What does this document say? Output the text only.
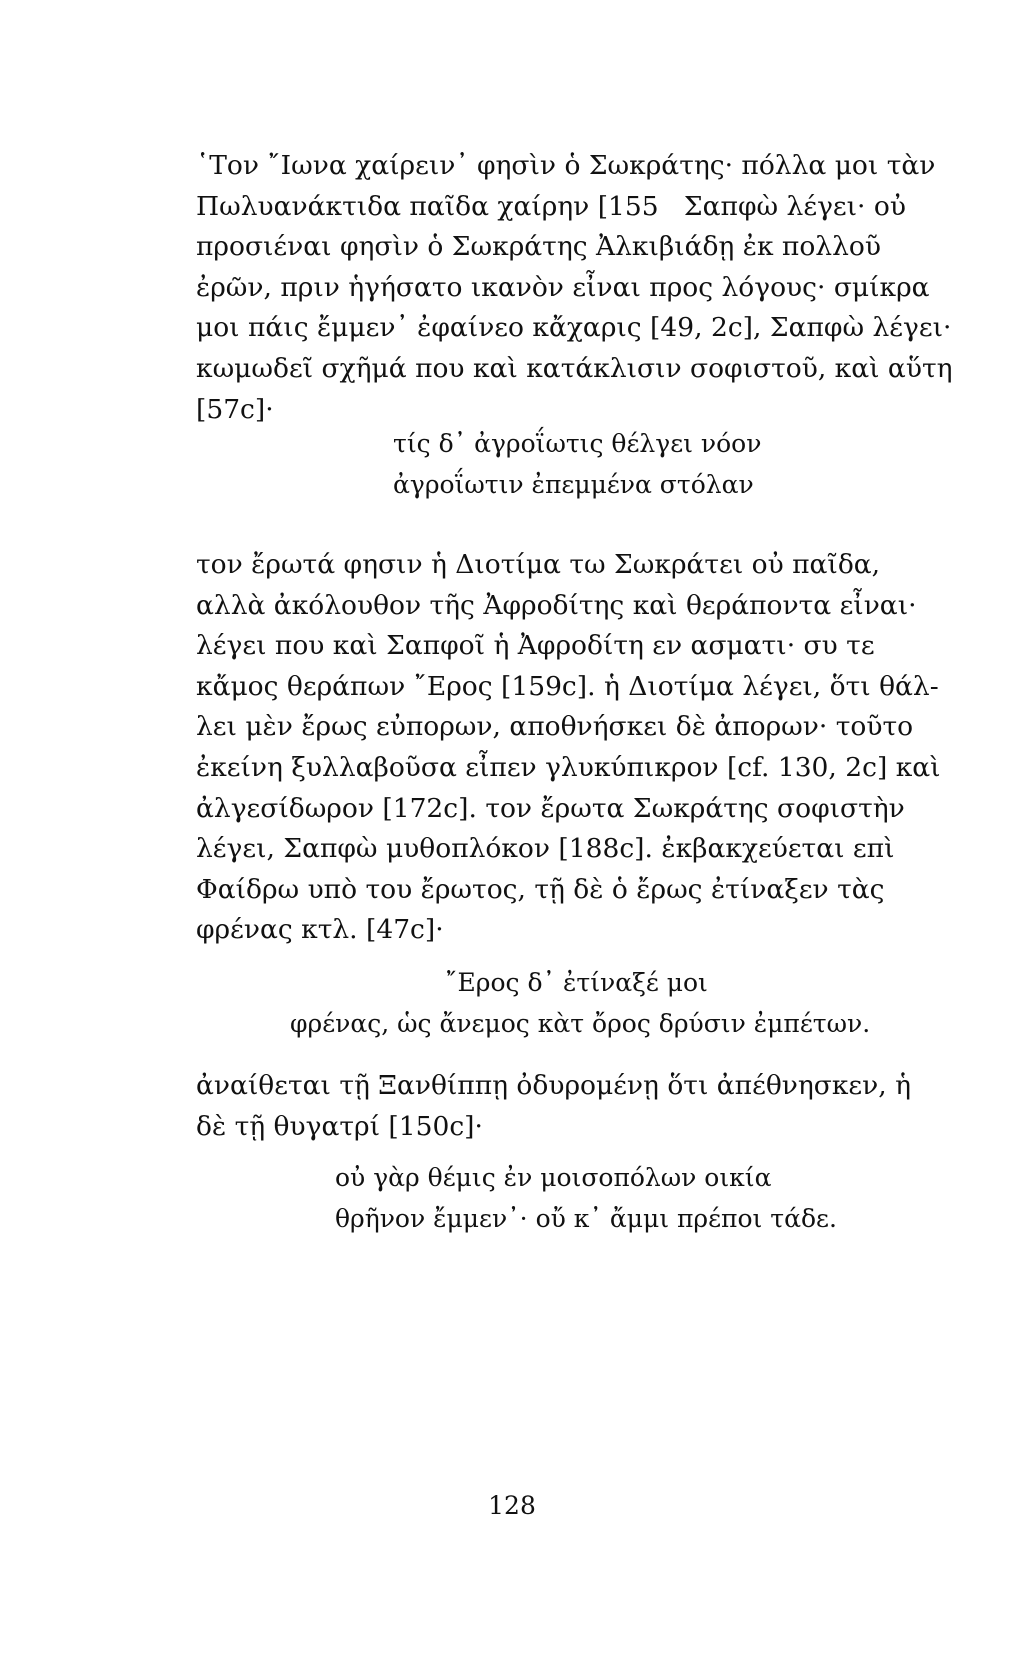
῾Τον ῎Ιωνα χαίρειν᾽ φησὶν ὁ Σωκράτης· πόλλα μοι τὰν
Πωλυανάκτιδα παῖδα χαίρην [155   Σαπφὼ λέγει· οὐ
προσιέναι φησὶν ὁ Σωκράτης Ἀλκιβιάδῃ ἐκ πολλοῦ
ἐρῶν, πριν ἡγήσατο ικανὸν εἶναι προς λόγους· σμίκρα
μοι πάις ἔμμεν᾽ ἐφαίνεο κἄχαρις [49, 2c], Σαπφὼ λέγει·
κωμωδεῖ σχῆμά που καὶ κατάκλισιν σοφιστοῦ, καὶ αὕτη
[57c]·
τίς δ᾽ ἀγροΐωτις θέλγει νόον
ἀγροΐωτιν ἐπεμμένα στόλαν
τον ἔρωτά φησιν ἡ Διοτίμα τω Σωκράτει οὐ παῖδα,
αλλὰ ἀκόλουθον τῆς Ἀφροδίτης καὶ θεράποντα εἶναι·
λέγει που καὶ Σαπφοῖ ἡ Ἀφροδίτη εν ασματι· συ τε
κἄμος θεράπων ῎Ερος [159c]. ἡ Διοτίμα λέγει, ὅτι θάλ-
λει μὲν ἔρως εὐπορων, αποθνήσκει δὲ ἀπορων· τοῦτο
ἐκείνη ξυλλαβοῦσα εἶπεν γλυκύπικρον [cf. 130, 2c] καὶ
ἀλγεσίδωρον [172c]. τον ἔρωτα Σωκράτης σοφιστὴν
λέγει, Σαπφὼ μυθοπλόκον [188c]. ἐκβακχεύεται επὶ
Φαίδρω υπὸ του ἔρωτος, τῇ δὲ ὁ ἔρως ἐτίναξεν τὰς
φρένας κτλ. [47c]·
῎Ερος δ᾽ ἐτίναξέ μοι
φρένας, ὡς ἄνεμος κὰτ ὄρος δρύσιν ἐμπέτων.
ἀναίθεται τῇ Ξανθίππῃ ὀδυρομένῃ ὅτι ἀπέθνησκεν, ἡ
δὲ τῇ θυγατρί [150c]·
οὐ γὰρ θέμις ἐν μοισοπόλων οικία
θρῆνον ἔμμεν᾽· οὔ κ᾽ ἄμμι πρέποι τάδε.
128
